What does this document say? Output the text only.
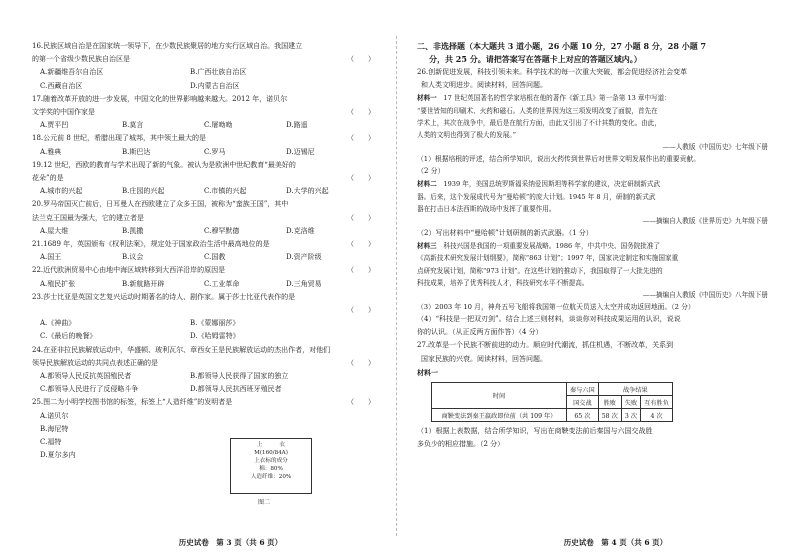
16.民族区域自治是在国家统一领导下，在少数民族聚居的地方实行区域自治。我国建立
的第一个省级少数民族自治区是	（　　）
A.新疆维吾尔自治区	B.广西壮族自治区
C.西藏自治区	D.内蒙古自治区
17.随着改革开放的进一步发展，中国文化的世界影响越来越大。2012 年，诺贝尔
文学奖的中国作家是	（　　）
A.贾平凹	B.莫言	C.屠呦呦	D.路遥
18.公元前 8 世纪，希腊出现了城邦，其中领土最大的是	（　　）
A.雅典	B.斯巴达	C.罗马	D.迈锡尼
19.12 世纪，西欧的教育与学术出现了新的气象。被认为是欧洲中世纪教育“最美好的
花朵”的是	（　　）
A.城市的兴起	B.庄园的兴起	C.市镇的兴起	D.大学的兴起
20.罗马帝国灭亡前后，日耳曼人在西欧建立了众多王国，被称为“蛮族王国”，其中
法兰克王国最为强大，它的建立者是	（　　）
A.屋大维	B.凯撒	C.穆罕默德	D.克洛维
21.1689 年，英国颁布《权利法案》，规定处于国家政治生活中最高地位的是	（　　）
A.国王	B.议会	C.国教	D.资产阶级
22.近代欧洲贸易中心由地中海区域转移到大西洋沿岸的原因是	（　　）
A.殖民扩张	B.新航路开辟	C.工业革命	D.三角贸易
23.莎士比亚是英国文艺复兴运动时期著名的诗人、剧作家。属于莎士比亚代表作的是
（　　）
A.《神曲》	B.《蒙娜丽莎》
C.《最后的晚餐》	D.《哈姆雷特》
24.在亚非拉民族解放运动中，华盛顿、玻利瓦尔、章西女王是民族解放运动的杰出作者，对他们
领导民族解放运动的共同点表述正确的是	（　　）
A.都领导人民反抗英国殖民者	B.都领导人民获得了国家的独立
C.都领导人民进行了反侵略斗争	D.都领导人民抗西班牙殖民者
25.图二为小明学校图书馆的标签，标签上“人造纤维”的发明者是	（　　）
A.诺贝尔
B.海尼特
C.福特
D.夏尔多内
上　　　衣
M(160/84A)
上衣标的成分
棉：80%
人造纤维：20%
图二
历史试卷　第 3 页（共 6 页）
二、非选择题（本大题共 3 道小题，26 小题 10 分，27 小题 8 分，28 小题 7
分，共 25 分。请把答案写在答题卡上对应的答题区域内。）
26.创新促进发展，科技引领未来。科学技术的每一次重大突破，都会促进经济社会变革
和人类文明进步。阅读材料，回答问题。
材料一　 17 世纪英国著名的哲学家培根在他的著作《新工具》第一条第 13 章中写道：
“要世皆知的印刷术、火药和磁石。人类的世界因为这三项发明改变了面貌，首先在
学术上，其次在战争中，最后是在航行方面，由此又引出了不计其数的变化。由此，
人类的文明也得到了极大的发展。”
——人教版《中国历史》七年级下册
（1）根据培根的评述，结合所学知识，说出火药传到世界后对世界文明发展作出的重要贡献。
（2 分）
材料二　 1939 年，美国总统罗斯福采纳爱因斯坦等科学家的建议，决定研制新式武
器。后来，这个发展成代号为“曼哈顿”的庞大计划。1945 年 8 月，研制的新式武
器在打击日本法西斯的战场中发挥了重要作用。
——摘编自人教版《世界历史》九年级下册
（2）写出材料中“曼哈顿”计划研制的新式武器。（1 分）
材料三　 科技兴国是我国的一项重要发展战略。1986 年，中共中央、国务院批准了
《高新技术研究发展计划纲要》，简称“863 计划”；1997 年，国家决定制定和实施国家重
点研究发展计划，简称“973 计划”。在这些计划的推动下，我国取得了一大批先进的
科技成果，培养了优秀科技人才，科技研究水平不断提高。
——摘编自人教版《中国历史》八年级下册
（3）2003 年 10 月，神舟五号飞船将我国第一位航天员送入太空并成功返回地面。（2 分）
（4）“科技是一把双刃剑”。结合上述三则材料，谈谈你对科技成果运用的认识，说说
你的认识。（从正反两方面作答）（4 分）
27.改革是一个民族不断前进的动力。顺应时代潮流，抓住机遇，不断改革，关系到
国家民族的兴衰。阅读材料，回答问题。
材料一
时间	秦与六国	战争结果		
	国交战	胜败	失败	互有胜负
商鞅变法到秦王嬴政即位前（共 109 年）	65 次	58 次	3 次	4 次
（1）根据上表数据，结合所学知识，写出在商鞅变法前后秦国与六国交战胜
多负少的相应措施。（2 分）
历史试卷　第 4 页（共 6 页）
